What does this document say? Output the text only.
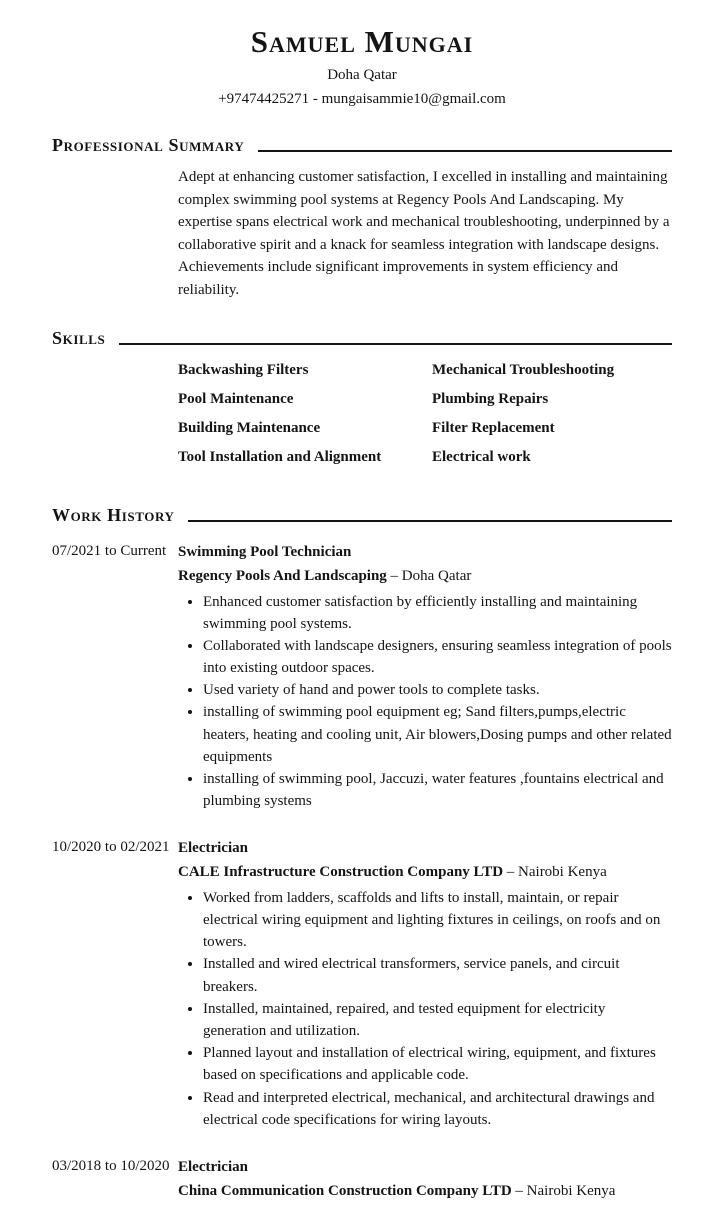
Samuel Mungai
Doha Qatar
+97474425271 - mungaisammie10@gmail.com
Professional Summary
Adept at enhancing customer satisfaction, I excelled in installing and maintaining complex swimming pool systems at Regency Pools And Landscaping. My expertise spans electrical work and mechanical troubleshooting, underpinned by a collaborative spirit and a knack for seamless integration with landscape designs. Achievements include significant improvements in system efficiency and reliability.
Skills
Backwashing Filters
Pool Maintenance
Building Maintenance
Tool Installation and Alignment
Mechanical Troubleshooting
Plumbing Repairs
Filter Replacement
Electrical work
Work History
07/2021 to Current Swimming Pool Technician
Regency Pools And Landscaping – Doha Qatar
• Enhanced customer satisfaction by efficiently installing and maintaining swimming pool systems.
• Collaborated with landscape designers, ensuring seamless integration of pools into existing outdoor spaces.
• Used variety of hand and power tools to complete tasks.
• installing of swimming pool equipment eg; Sand filters,pumps,electric heaters, heating and cooling unit, Air blowers,Dosing pumps and other related equipments
• installing of swimming pool, Jaccuzi, water features ,fountains electrical and plumbing systems
10/2020 to 02/2021 Electrician
CALE Infrastructure Construction Company LTD – Nairobi Kenya
• Worked from ladders, scaffolds and lifts to install, maintain, or repair electrical wiring equipment and lighting fixtures in ceilings, on roofs and on towers.
• Installed and wired electrical transformers, service panels, and circuit breakers.
• Installed, maintained, repaired, and tested equipment for electricity generation and utilization.
• Planned layout and installation of electrical wiring, equipment, and fixtures based on specifications and applicable code.
• Read and interpreted electrical, mechanical, and architectural drawings and electrical code specifications for wiring layouts.
03/2018 to 10/2020 Electrician
China Communication Construction Company LTD – Nairobi Kenya
